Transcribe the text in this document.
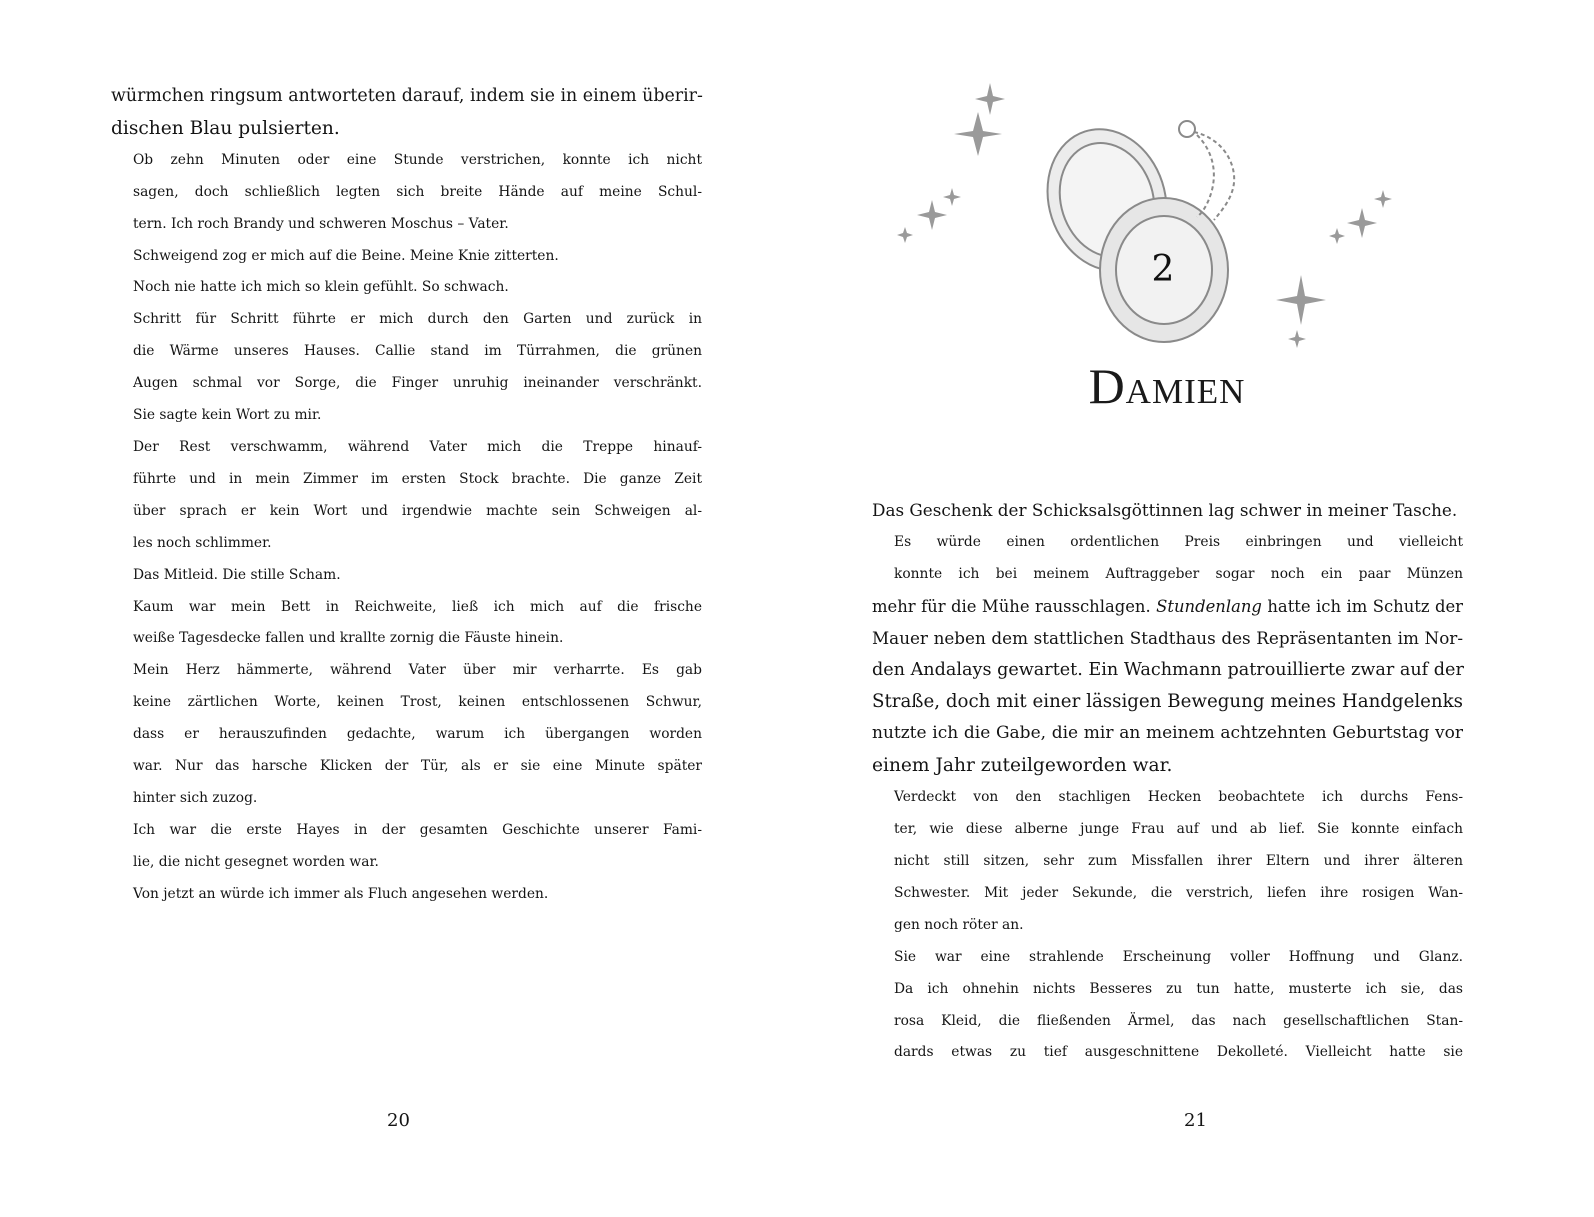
würmchen ringsum antworteten darauf, indem sie in einem überir-
dischen Blau pulsierten.
Ob zehn Minuten oder eine Stunde verstrichen, konnte ich nicht
sagen, doch schließlich legten sich breite Hände auf meine Schul-
tern. Ich roch Brandy und schweren Moschus – Vater.
Schweigend zog er mich auf die Beine. Meine Knie zitterten.
Noch nie hatte ich mich so klein gefühlt. So schwach.
Schritt für Schritt führte er mich durch den Garten und zurück in
die Wärme unseres Hauses. Callie stand im Türrahmen, die grünen
Augen schmal vor Sorge, die Finger unruhig ineinander verschränkt.
Sie sagte kein Wort zu mir.
Der Rest verschwamm, während Vater mich die Treppe hinauf-
führte und in mein Zimmer im ersten Stock brachte. Die ganze Zeit
über sprach er kein Wort und irgendwie machte sein Schweigen al-
les noch schlimmer.
Das Mitleid. Die stille Scham.
Kaum war mein Bett in Reichweite, ließ ich mich auf die frische
weiße Tagesdecke fallen und krallte zornig die Fäuste hinein.
Mein Herz hämmerte, während Vater über mir verharrte. Es gab
keine zärtlichen Worte, keinen Trost, keinen entschlossenen Schwur,
dass er herauszufinden gedachte, warum ich übergangen worden
war. Nur das harsche Klicken der Tür, als er sie eine Minute später
hinter sich zuzog.
Ich war die erste Hayes in der gesamten Geschichte unserer Fami-
lie, die nicht gesegnet worden war.
Von jetzt an würde ich immer als Fluch angesehen werden.
20
2
Damien
Das Geschenk der Schicksalsgöttinnen lag schwer in meiner Tasche.
Es würde einen ordentlichen Preis einbringen und vielleicht
konnte ich bei meinem Auftraggeber sogar noch ein paar Münzen
mehr für die Mühe rausschlagen. Stundenlang hatte ich im Schutz der
Mauer neben dem stattlichen Stadthaus des Repräsentanten im Nor-
den Andalays gewartet. Ein Wachmann patrouillierte zwar auf der
Straße, doch mit einer lässigen Bewegung meines Handgelenks
nutzte ich die Gabe, die mir an meinem achtzehnten Geburtstag vor
einem Jahr zuteilgeworden war.
Verdeckt von den stachligen Hecken beobachtete ich durchs Fens-
ter, wie diese alberne junge Frau auf und ab lief. Sie konnte einfach
nicht still sitzen, sehr zum Missfallen ihrer Eltern und ihrer älteren
Schwester. Mit jeder Sekunde, die verstrich, liefen ihre rosigen Wan-
gen noch röter an.
Sie war eine strahlende Erscheinung voller Hoffnung und Glanz.
Da ich ohnehin nichts Besseres zu tun hatte, musterte ich sie, das
rosa Kleid, die fließenden Ärmel, das nach gesellschaftlichen Stan-
dards etwas zu tief ausgeschnittene Dekolleté. Vielleicht hatte sie
21
